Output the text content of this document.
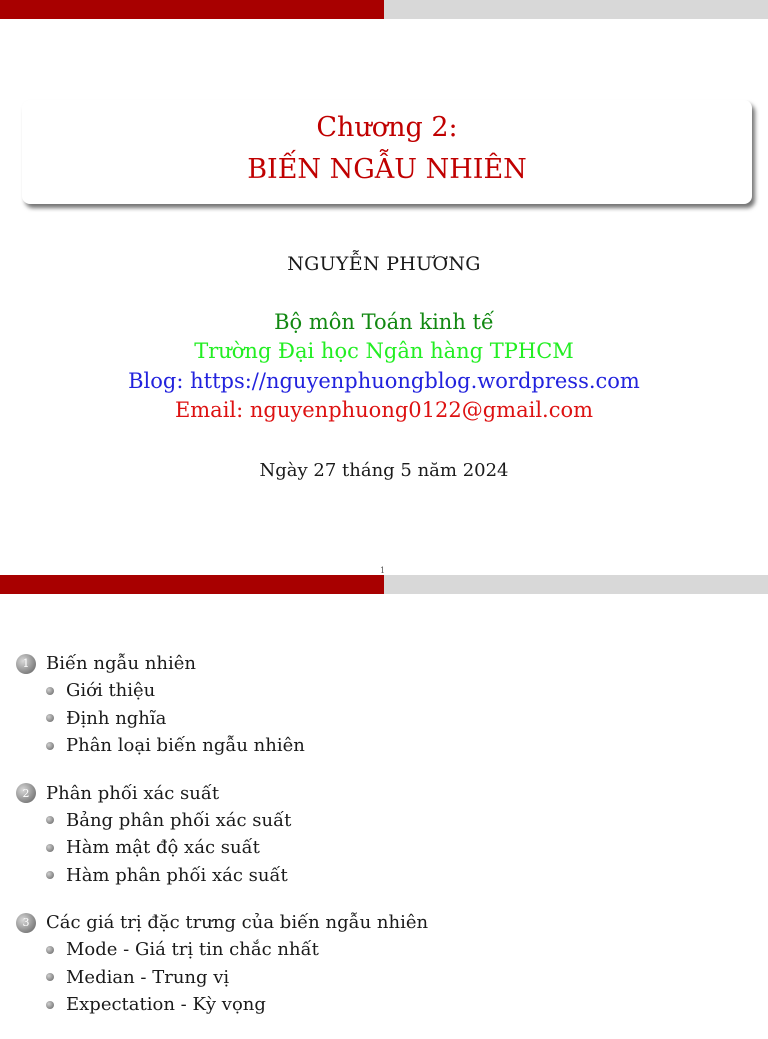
Chương 2:
BIẾN NGẪU NHIÊN
NGUYỄN PHƯƠNG
Bộ môn Toán kinh tế
Trường Đại học Ngân hàng TPHCM
Blog: https://nguyenphuongblog.wordpress.com
Email: nguyenphuong0122@gmail.com
Ngày 27 tháng 5 năm 2024
1
1 Biến ngẫu nhiên
Giới thiệu
Định nghĩa
Phân loại biến ngẫu nhiên
2 Phân phối xác suất
Bảng phân phối xác suất
Hàm mật độ xác suất
Hàm phân phối xác suất
3 Các giá trị đặc trưng của biến ngẫu nhiên
Mode - Giá trị tin chắc nhất
Median - Trung vị
Expectation - Kỳ vọng
